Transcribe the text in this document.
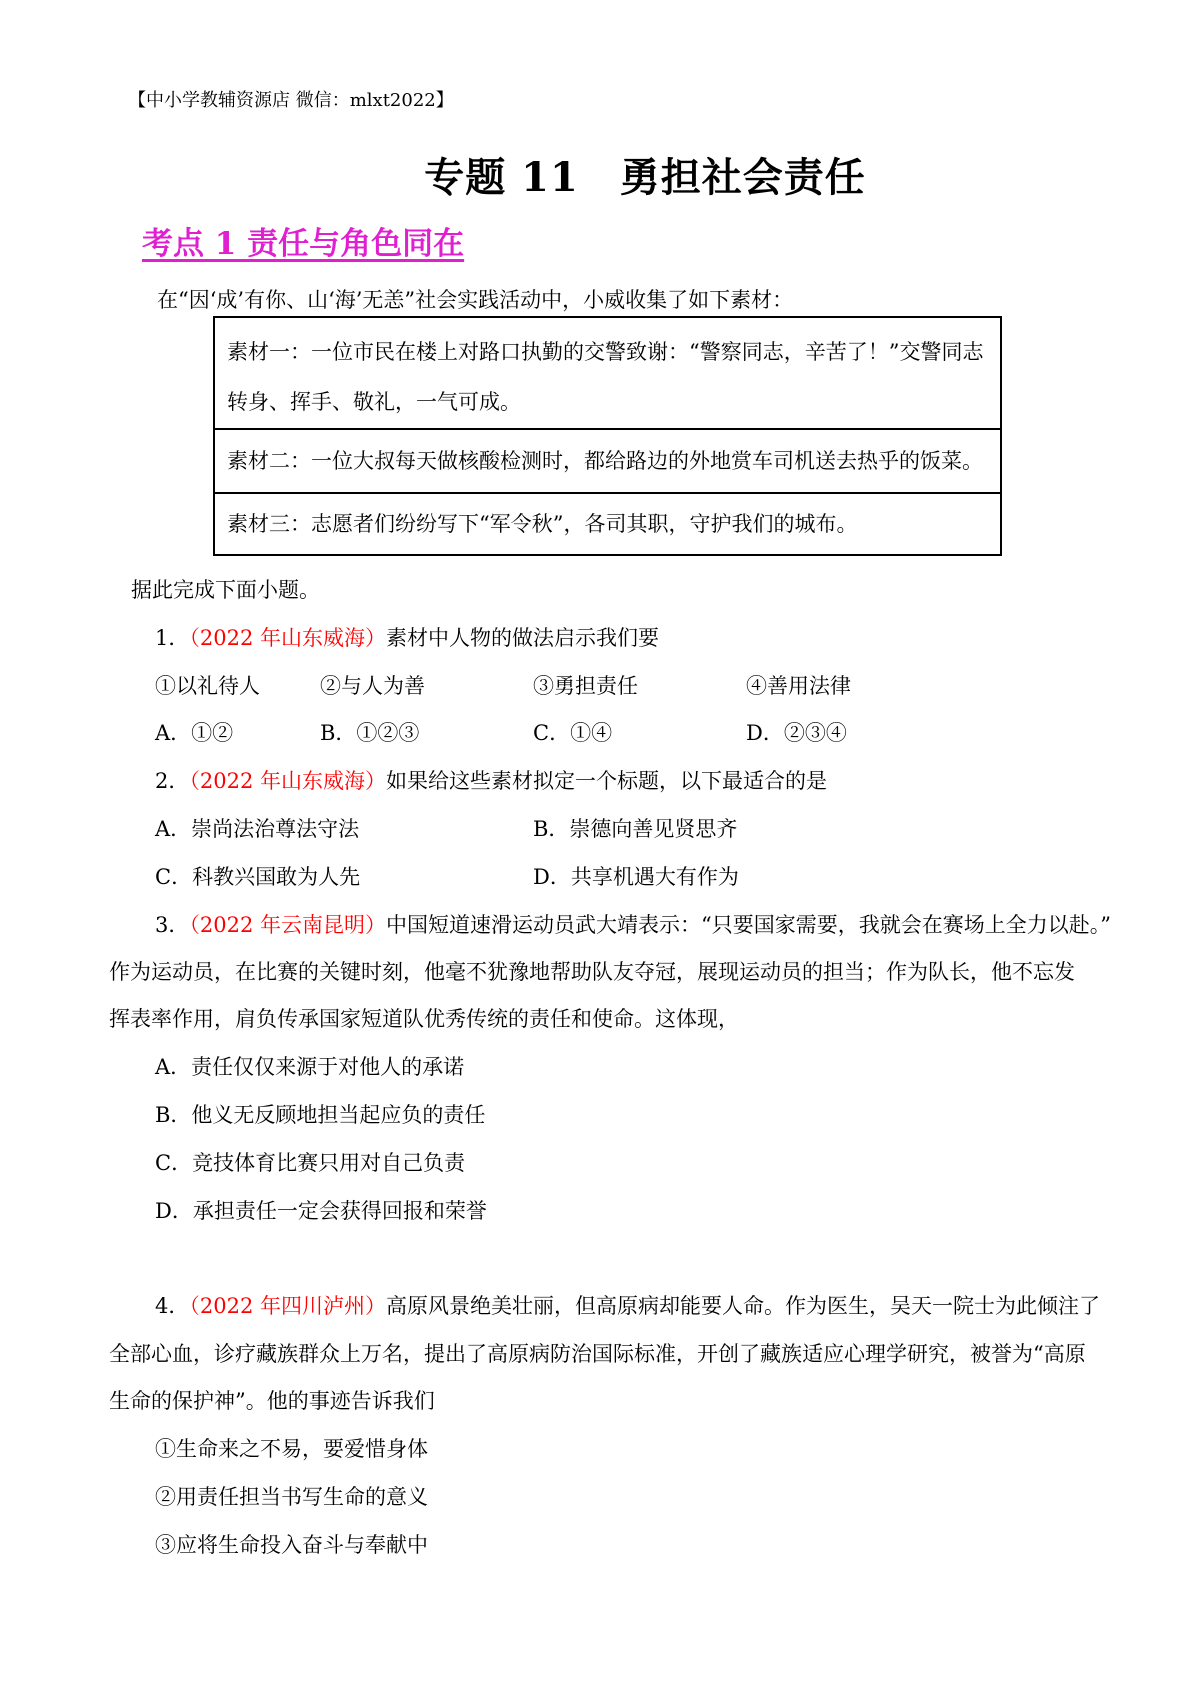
【中小学教辅资源店 微信：mlxt2022】
专题 11　勇担社会责任
考点 1 责任与角色同在
在“因‘成’有你、山‘海’无恙”社会实践活动中，小威收集了如下素材：
素材一：一位市民在楼上对路口执勤的交警致谢：“警察同志，辛苦了！”交警同志
转身、挥手、敬礼，一气可成。
素材二：一位大叔每天做核酸检测时，都给路边的外地赏车司机送去热乎的饭菜。
素材三：志愿者们纷纷写下“军令秋”，各司其职，守护我们的城布。
据此完成下面小题。
1．（2022 年山东威海）素材中人物的做法启示我们要
①以礼待人	②与人为善	③勇担责任	④善用法律
A．①②	B．①②③	C．①④	D．②③④
2．（2022 年山东威海）如果给这些素材拟定一个标题，以下最适合的是
A．崇尚法治尊法守法	B．崇德向善见贤思齐
C．科教兴国敢为人先	D．共享机遇大有作为
3．（2022 年云南昆明）中国短道速滑运动员武大靖表示：“只要国家需要，我就会在赛场上全力以赴。”
作为运动员，在比赛的关键时刻，他毫不犹豫地帮助队友夺冠，展现运动员的担当；作为队长，他不忘发
挥表率作用，肩负传承国家短道队优秀传统的责任和使命。这体现，
A．责任仅仅来源于对他人的承诺
B．他义无反顾地担当起应负的责任
C．竞技体育比赛只用对自己负责
D．承担责任一定会获得回报和荣誉
4．（2022 年四川泸州）高原风景绝美壮丽，但高原病却能要人命。作为医生，吴天一院士为此倾注了
全部心血，诊疗藏族群众上万名，提出了高原病防治国际标准，开创了藏族适应心理学研究，被誉为“高原
生命的保护神”。他的事迹告诉我们
①生命来之不易，要爱惜身体
②用责任担当书写生命的意义
③应将生命投入奋斗与奉献中
